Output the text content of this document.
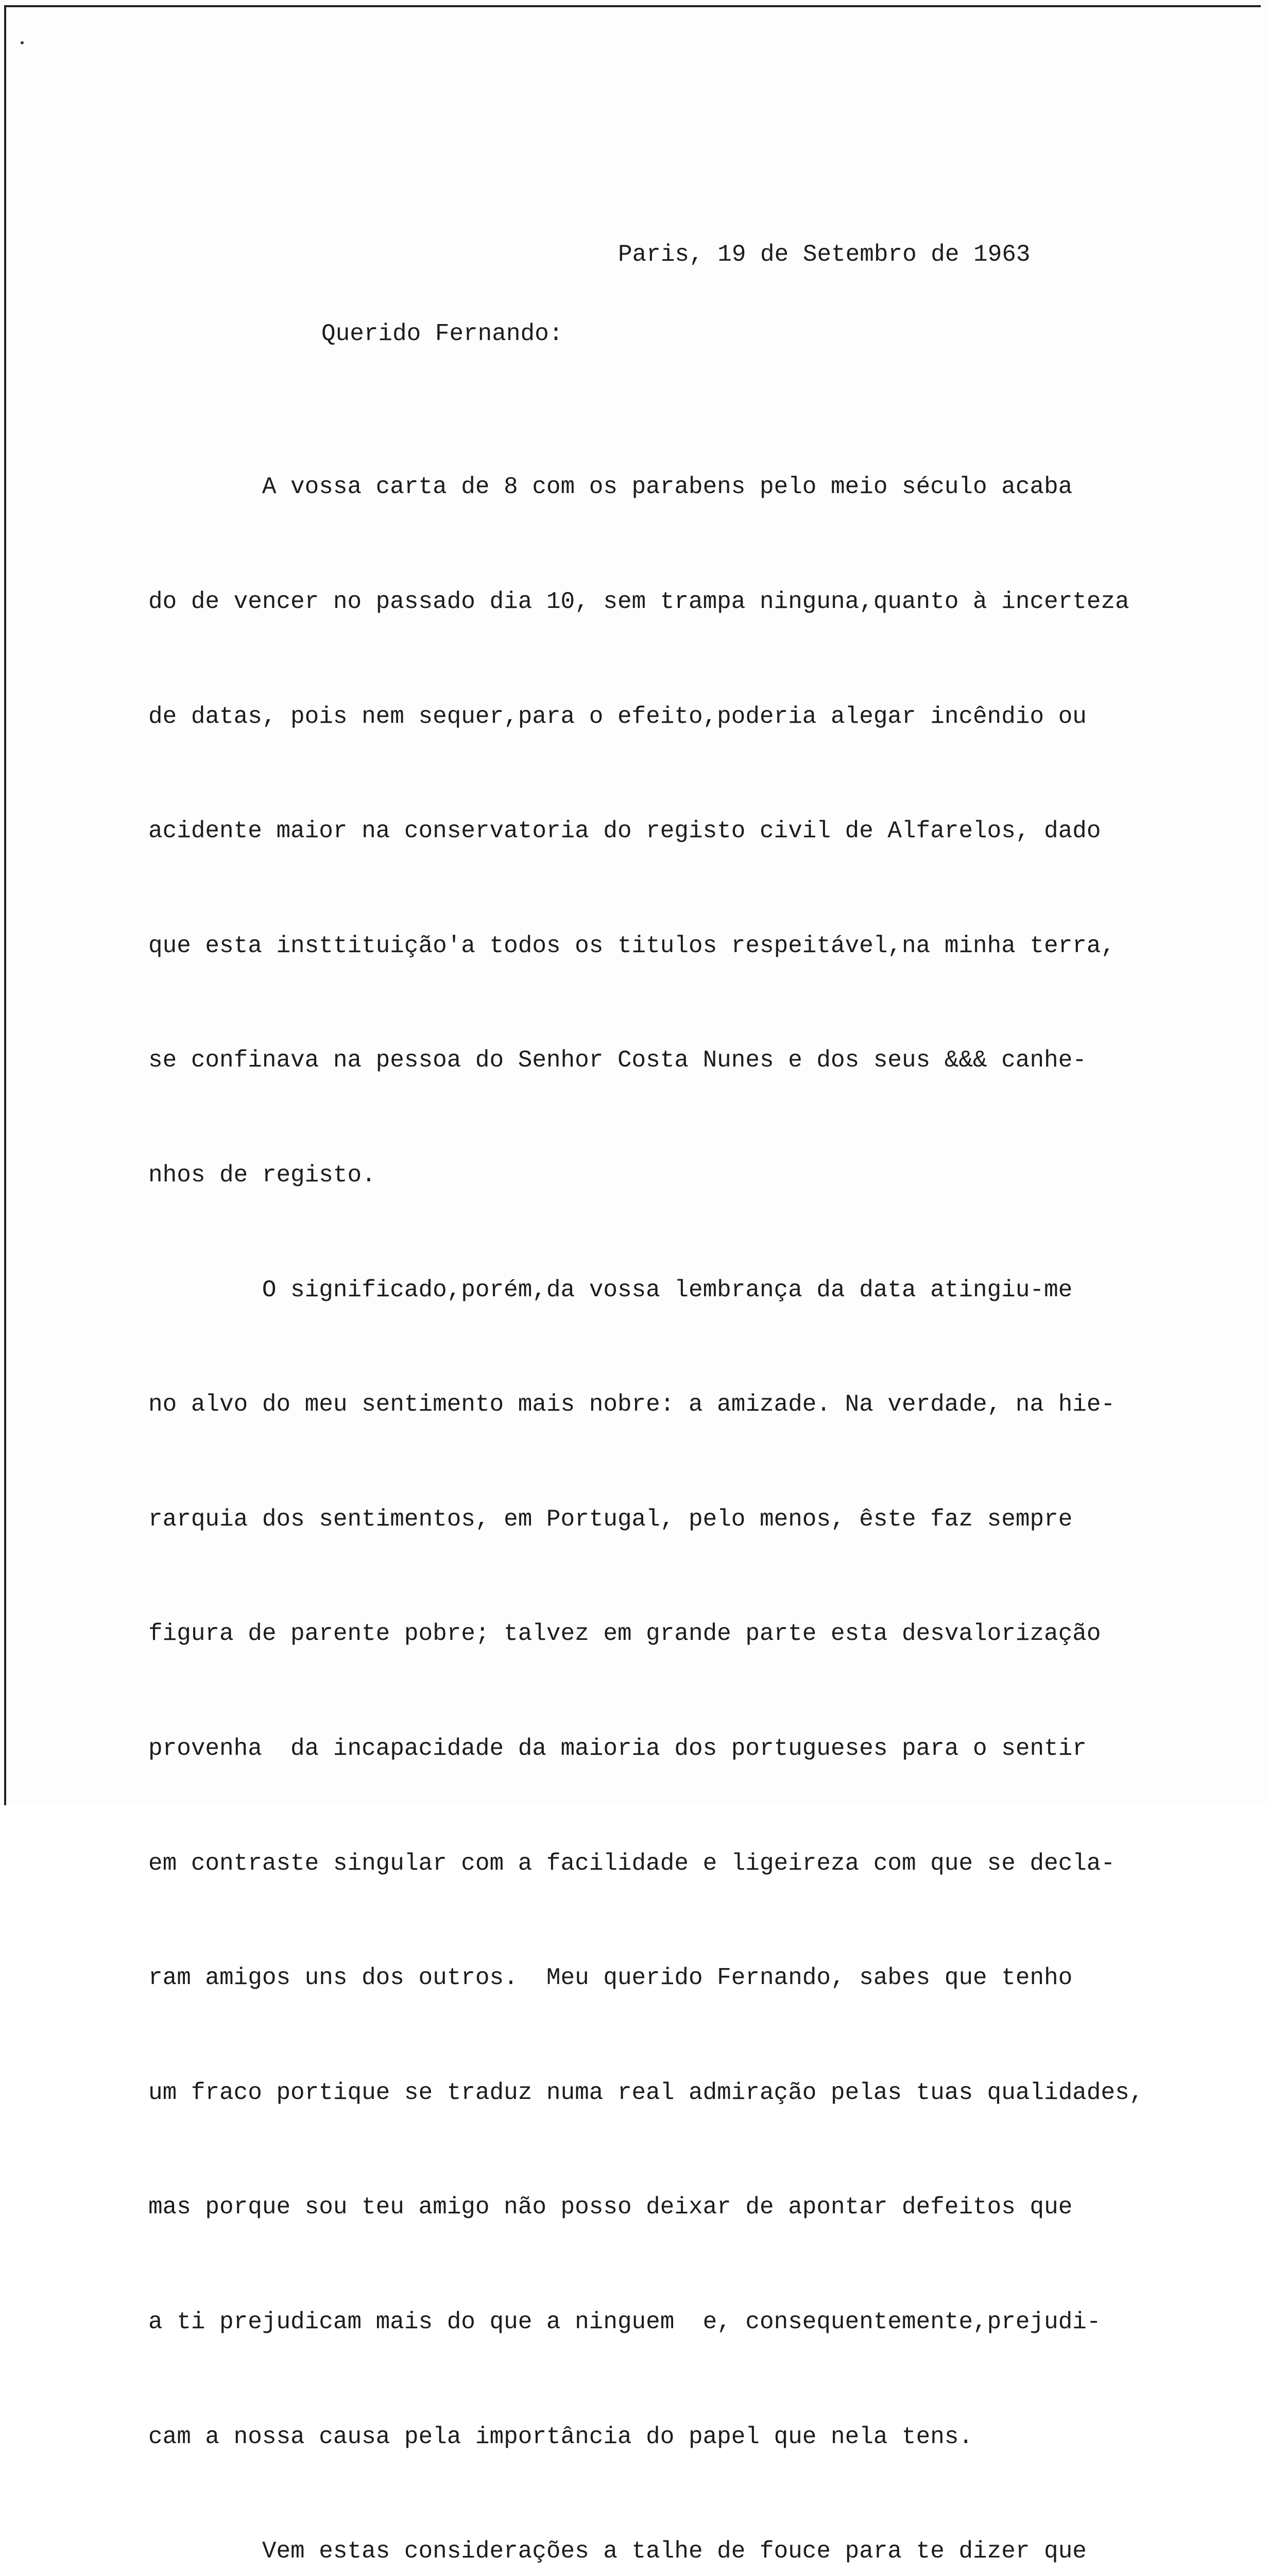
Paris, 19 de Setembro de 1963

Querido Fernando:

A vossa carta de 8 com os parabens pelo meio século acaba

do de vencer no passado dia 10, sem trampa ninguna,quanto à incerteza

de datas, pois nem sequer,para o efeito,poderia alegar incêndio ou

acidente maior na conservatoria do registo civil de Alfarelos, dado

que esta insttituição'a todos os titulos respeitável,na minha terra,

se confinava na pessoa do Senhor Costa Nunes e dos seus &&& canhe-

nhos de registo.

O significado,porém,da vossa lembrança da data atingiu-me

no alvo do meu sentimento mais nobre: a amizade. Na verdade, na hie-

rarquia dos sentimentos, em Portugal, pelo menos, êste faz sempre

figura de parente pobre; talvez em grande parte esta desvalorização

provenha  da incapacidade da maioria dos portugueses para o sentir

em contraste singular com a facilidade e ligeireza com que se decla-

ram amigos uns dos outros.  Meu querido Fernando, sabes que tenho

um fraco portique se traduz numa real admiração pelas tuas qualidades,

mas porque sou teu amigo não posso deixar de apontar defeitos que

a ti prejudicam mais do que a ninguem  e, consequentemente,prejudi-

cam a nossa causa pela importância do papel que nela tens.

Vem estas considerações a talhe de fouce para te dizer que
